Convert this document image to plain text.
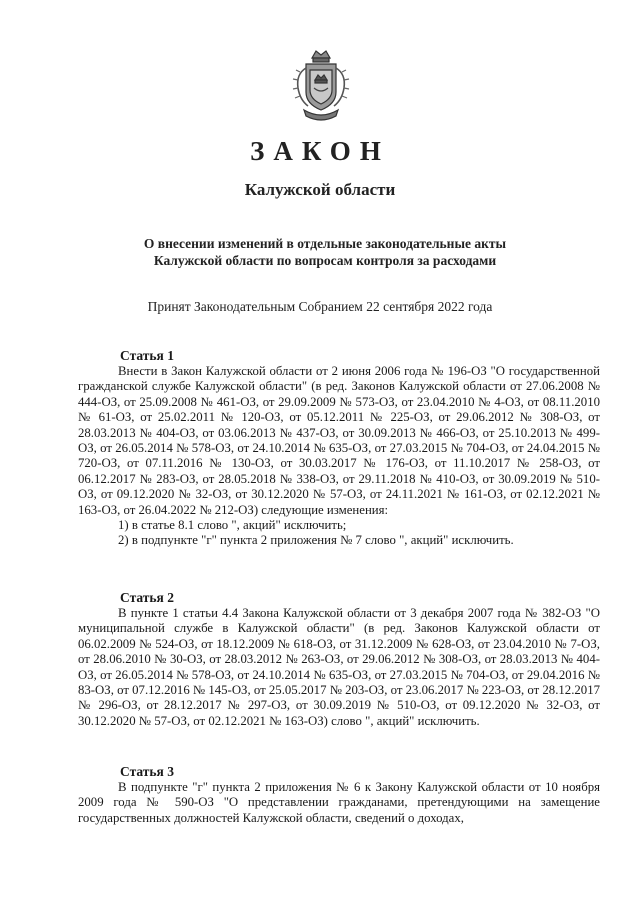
ЗАКОН
Калужской области
О внесении изменений в отдельные законодательные акты
Калужской области по вопросам контроля за расходами
Принят Законодательным Собранием 22 сентября 2022 года
Статья 1

Внести в Закон Калужской области от 2 июня 2006 года № 196-ОЗ "О государственной гражданской службе Калужской области" (в ред. Законов Калужской области от 27.06.2008 № 444-ОЗ, от 25.09.2008 № 461-ОЗ, от 29.09.2009 № 573-ОЗ, от 23.04.2010 № 4-ОЗ, от 08.11.2010 № 61-ОЗ, от 25.02.2011 № 120-ОЗ, от 05.12.2011 № 225-ОЗ, от 29.06.2012 № 308-ОЗ, от 28.03.2013 № 404-ОЗ, от 03.06.2013 № 437-ОЗ, от 30.09.2013 № 466-ОЗ, от 25.10.2013 № 499-ОЗ, от 26.05.2014 № 578-ОЗ, от 24.10.2014 № 635-ОЗ, от 27.03.2015 № 704-ОЗ, от 24.04.2015 № 720-ОЗ, от 07.11.2016 № 130-ОЗ, от 30.03.2017 № 176-ОЗ, от 11.10.2017 № 258-ОЗ, от 06.12.2017 № 283-ОЗ, от 28.05.2018 № 338-ОЗ, от 29.11.2018 № 410-ОЗ, от 30.09.2019 № 510-ОЗ, от 09.12.2020 № 32-ОЗ, от 30.12.2020 № 57-ОЗ, от 24.11.2021 № 161-ОЗ, от 02.12.2021 № 163-ОЗ, от 26.04.2022 № 212-ОЗ) следующие изменения:

1) в статье 8.1 слово ", акций" исключить;
2) в подпункте "г" пункта 2 приложения № 7 слово ", акций" исключить.
Статья 2

В пункте 1 статьи 4.4 Закона Калужской области от 3 декабря 2007 года № 382-ОЗ "О муниципальной службе в Калужской области" (в ред. Законов Калужской области от 06.02.2009 № 524-ОЗ, от 18.12.2009 № 618-ОЗ, от 31.12.2009 № 628-ОЗ, от 23.04.2010 № 7-ОЗ, от 28.06.2010 № 30-ОЗ, от 28.03.2012 № 263-ОЗ, от 29.06.2012 № 308-ОЗ, от 28.03.2013 № 404-ОЗ, от 26.05.2014 № 578-ОЗ, от 24.10.2014 № 635-ОЗ, от 27.03.2015 № 704-ОЗ, от 29.04.2016 № 83-ОЗ, от 07.12.2016 № 145-ОЗ, от 25.05.2017 № 203-ОЗ, от 23.06.2017 № 223-ОЗ, от 28.12.2017 № 296-ОЗ, от 28.12.2017 № 297-ОЗ, от 30.09.2019 № 510-ОЗ, от 09.12.2020 № 32-ОЗ, от 30.12.2020 № 57-ОЗ, от 02.12.2021 № 163-ОЗ) слово ", акций" исключить.

Статья 3

В подпункте "г" пункта 2 приложения № 6 к Закону Калужской области от 10 ноября 2009 года № 590-ОЗ "О представлении гражданами, претендующими на замещение государственных должностей Калужской области, сведений о доходах,
